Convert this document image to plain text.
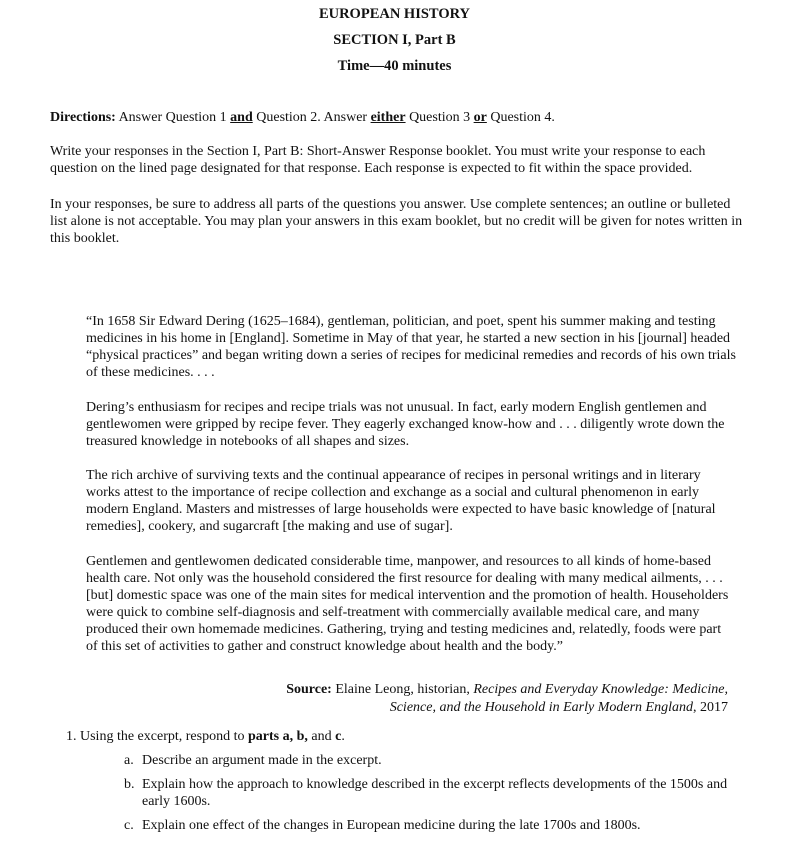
EUROPEAN HISTORY
SECTION I, Part B
Time—40 minutes

Directions: Answer Question 1 and Question 2. Answer either Question 3 or Question 4.

Write your responses in the Section I, Part B: Short-Answer Response booklet. You must write your response to each question on the lined page designated for that response. Each response is expected to fit within the space provided.

In your responses, be sure to address all parts of the questions you answer. Use complete sentences; an outline or bulleted list alone is not acceptable. You may plan your answers in this exam booklet, but no credit will be given for notes written in this booklet.

“In 1658 Sir Edward Dering (1625–1684), gentleman, politician, and poet, spent his summer making and testing medicines in his home in [England]. Sometime in May of that year, he started a new section in his [journal] headed “physical practices” and began writing down a series of recipes for medicinal remedies and records of his own trials of these medicines. . . .

Dering’s enthusiasm for recipes and recipe trials was not unusual. In fact, early modern English gentlemen and gentlewomen were gripped by recipe fever. They eagerly exchanged know-how and . . . diligently wrote down the treasured knowledge in notebooks of all shapes and sizes.

The rich archive of surviving texts and the continual appearance of recipes in personal writings and in literary works attest to the importance of recipe collection and exchange as a social and cultural phenomenon in early modern England. Masters and mistresses of large households were expected to have basic knowledge of [natural remedies], cookery, and sugarcraft [the making and use of sugar].

Gentlemen and gentlewomen dedicated considerable time, manpower, and resources to all kinds of home-based health care. Not only was the household considered the first resource for dealing with many medical ailments, . . . [but] domestic space was one of the main sites for medical intervention and the promotion of health. Householders were quick to combine self-diagnosis and self-treatment with commercially available medical care, and many produced their own homemade medicines. Gathering, trying and testing medicines and, relatedly, foods were part of this set of activities to gather and construct knowledge about health and the body.”

Source: Elaine Leong, historian, Recipes and Everyday Knowledge: Medicine, Science, and the Household in Early Modern England, 2017

1. Using the excerpt, respond to parts a, b, and c.

a. Describe an argument made in the excerpt.
b. Explain how the approach to knowledge described in the excerpt reflects developments of the 1500s and early 1600s.
c. Explain one effect of the changes in European medicine during the late 1700s and 1800s.
